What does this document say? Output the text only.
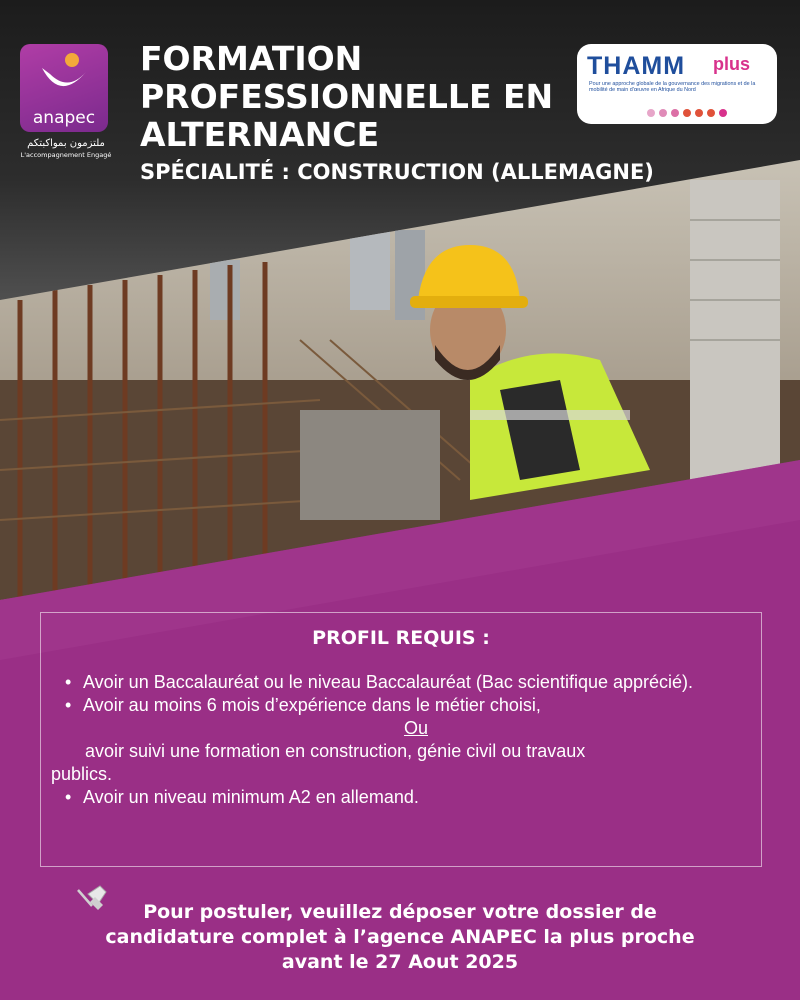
anapec
ملتزمون بمواكبتكم
L'accompagnement Engagé
FORMATION
PROFESSIONNELLE EN
ALTERNANCE
SPÉCIALITÉ : CONSTRUCTION (ALLEMAGNE)
THAMM plus
Pour une approche globale de la gouvernance des migrations et de la mobilité de main d'œuvre en Afrique du Nord
PROFIL REQUIS :
• Avoir un Baccalauréat ou le niveau Baccalauréat (Bac scientifique apprécié).
• Avoir au moins 6 mois d’expérience dans le métier choisi,
Ou
avoir suivi une formation en construction, génie civil ou travaux
publics.
• Avoir un niveau minimum A2 en allemand.
Pour postuler, veuillez déposer votre dossier de
candidature complet à l’agence ANAPEC la plus proche
avant le 27 Aout 2025
